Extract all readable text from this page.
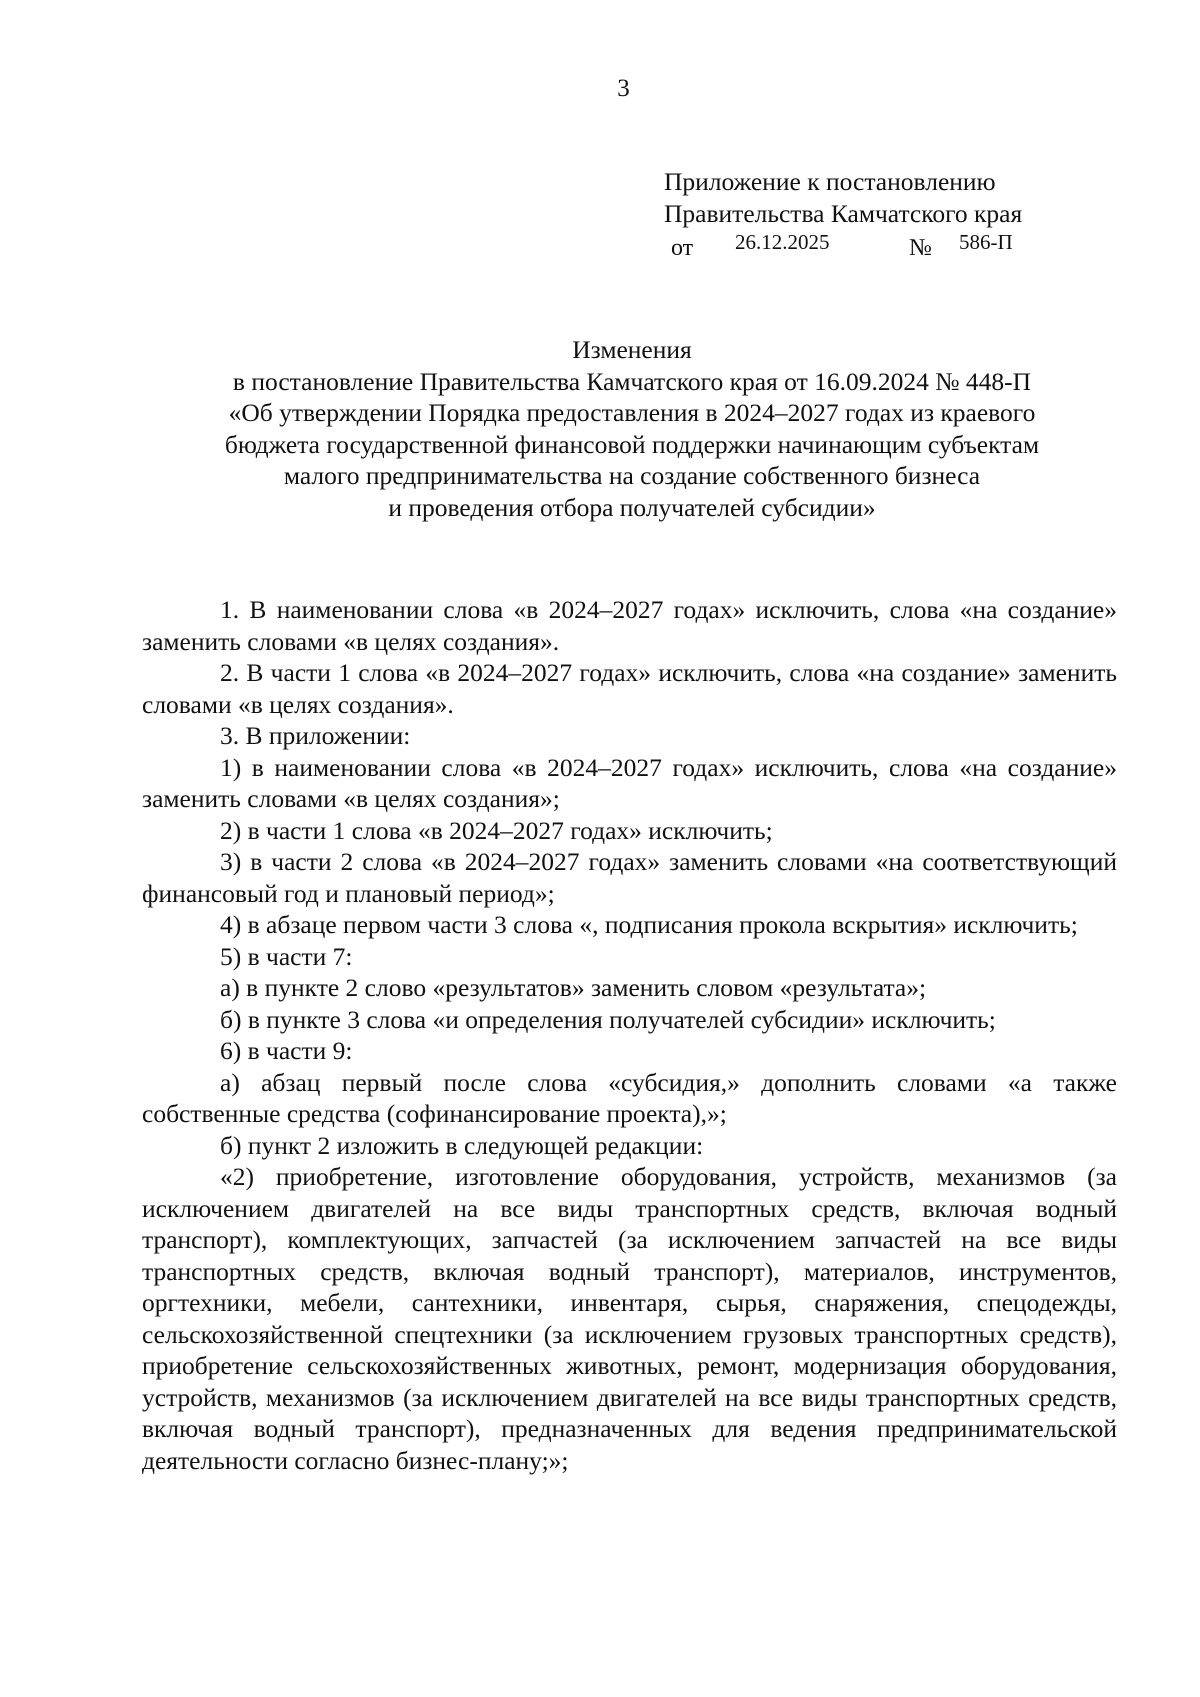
3
Приложение к постановлению
Правительства Камчатского края
от 26.12.2025	№ 586-П
Изменения
в постановление Правительства Камчатского края от 16.09.2024 № 448-П
«Об утверждении Порядка предоставления в 2024–2027 годах из краевого
бюджета государственной финансовой поддержки начинающим субъектам
малого предпринимательства на создание собственного бизнеса
и проведения отбора получателей субсидии»

1. В наименовании слова «в 2024–2027 годах» исключить, слова «на создание» заменить словами «в целях создания».

2. В части 1 слова «в 2024–2027 годах» исключить, слова «на создание» заменить словами «в целях создания».

3. В приложении:

1) в наименовании слова «в 2024–2027 годах» исключить, слова «на создание» заменить словами «в целях создания»;

2) в части 1 слова «в 2024–2027 годах» исключить;

3) в части 2 слова «в 2024–2027 годах» заменить словами «на соответствующий финансовый год и плановый период»;

4) в абзаце первом части 3 слова «, подписания прокола вскрытия» исключить;

5) в части 7:

а) в пункте 2 слово «результатов» заменить словом «результата»;

б) в пункте 3 слова «и определения получателей субсидии» исключить;

6) в части 9:

а) абзац первый после слова «субсидия,» дополнить словами «а также собственные средства (софинансирование проекта),»;

б) пункт 2 изложить в следующей редакции:

«2) приобретение, изготовление оборудования, устройств, механизмов (за исключением двигателей на все виды транспортных средств, включая водный транспорт), комплектующих, запчастей (за исключением запчастей на все виды транспортных средств, включая водный транспорт), материалов, инструментов, оргтехники, мебели, сантехники, инвентаря, сырья, снаряжения, спецодежды, сельскохозяйственной спецтехники (за исключением грузовых транспортных средств), приобретение сельскохозяйственных животных, ремонт, модернизация оборудования, устройств, механизмов (за исключением двигателей на все виды транспортных средств, включая водный транспорт), предназначенных для ведения предпринимательской деятельности согласно бизнес-плану;»;
